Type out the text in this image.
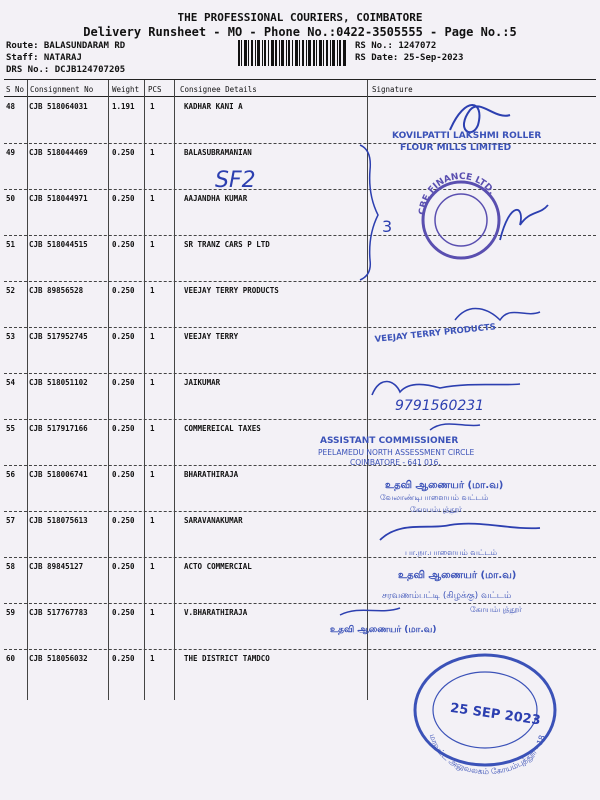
THE PROFESSIONAL COURIERS, COIMBATORE
Delivery Runsheet - MO - Phone No.:0422-3505555 - Page No.:5
Route: BALASUNDARAM RD
Staff: NATARAJ
DRS No.: DCJB124707205
RS No.: 1247072
RS Date: 25-Sep-2023
S No Consignment No	Weight PCS Consignee Details	Signature
48 CJB 518064031	1.191 1	KADHAR KANI A
49 CJB 518044469	0.250 1	BALASUBRAMANIAN
50 CJB 518044971	0.250 1	AAJANDHA KUMAR
51 CJB 518044515	0.250 1	SR TRANZ CARS P LTD
52 CJB 89856528	0.250 1	VEEJAY TERRY PRODUCTS
53 CJB 517952745	0.250 1	VEEJAY TERRY
54 CJB 518051102	0.250 1	JAIKUMAR
55 CJB 517917166	0.250 1	COMMEREICAL TAXES
56 CJB 518006741	0.250 1	BHARATHIRAJA
57 CJB 518075613	0.250 1	SARAVANAKUMAR
58 CJB 89845127	0.250 1	ACTO COMMERCIAL
59 CJB 517767783	0.250 1	V.BHARATHIRAJA
60 CJB 518056032	0.250 1	THE DISTRICT TAMDCO
KOVILPATTI LAKSHMI ROLLER
FLOUR MILLS LIMITED
SF2
3
CBE FINANCE LTD.
VEEJAY TERRY PRODUCTS
9791560231
ASSISTANT COMMISSIONER
PEELAMEDU NORTH ASSESSMENT CIRCLE
COIMBATORE - 641 016.
உதவி ஆணையர் (மா.வ)
வேலாண்டிபாளையம் வட்டம்
கோயம்புத்தூர்
பா.நா.பாளையம் வட்டம்
உதவி ஆணையர் (மா.வ)
சரவணம்பட்டி (கிழக்கு) வட்டம்
கோயம்புத்தூர்
உதவி ஆணையர் (மா.வ)
மாவட்ட அலுவலகம் கோயம்புத்தூர் - 18
25 SEP 2023
